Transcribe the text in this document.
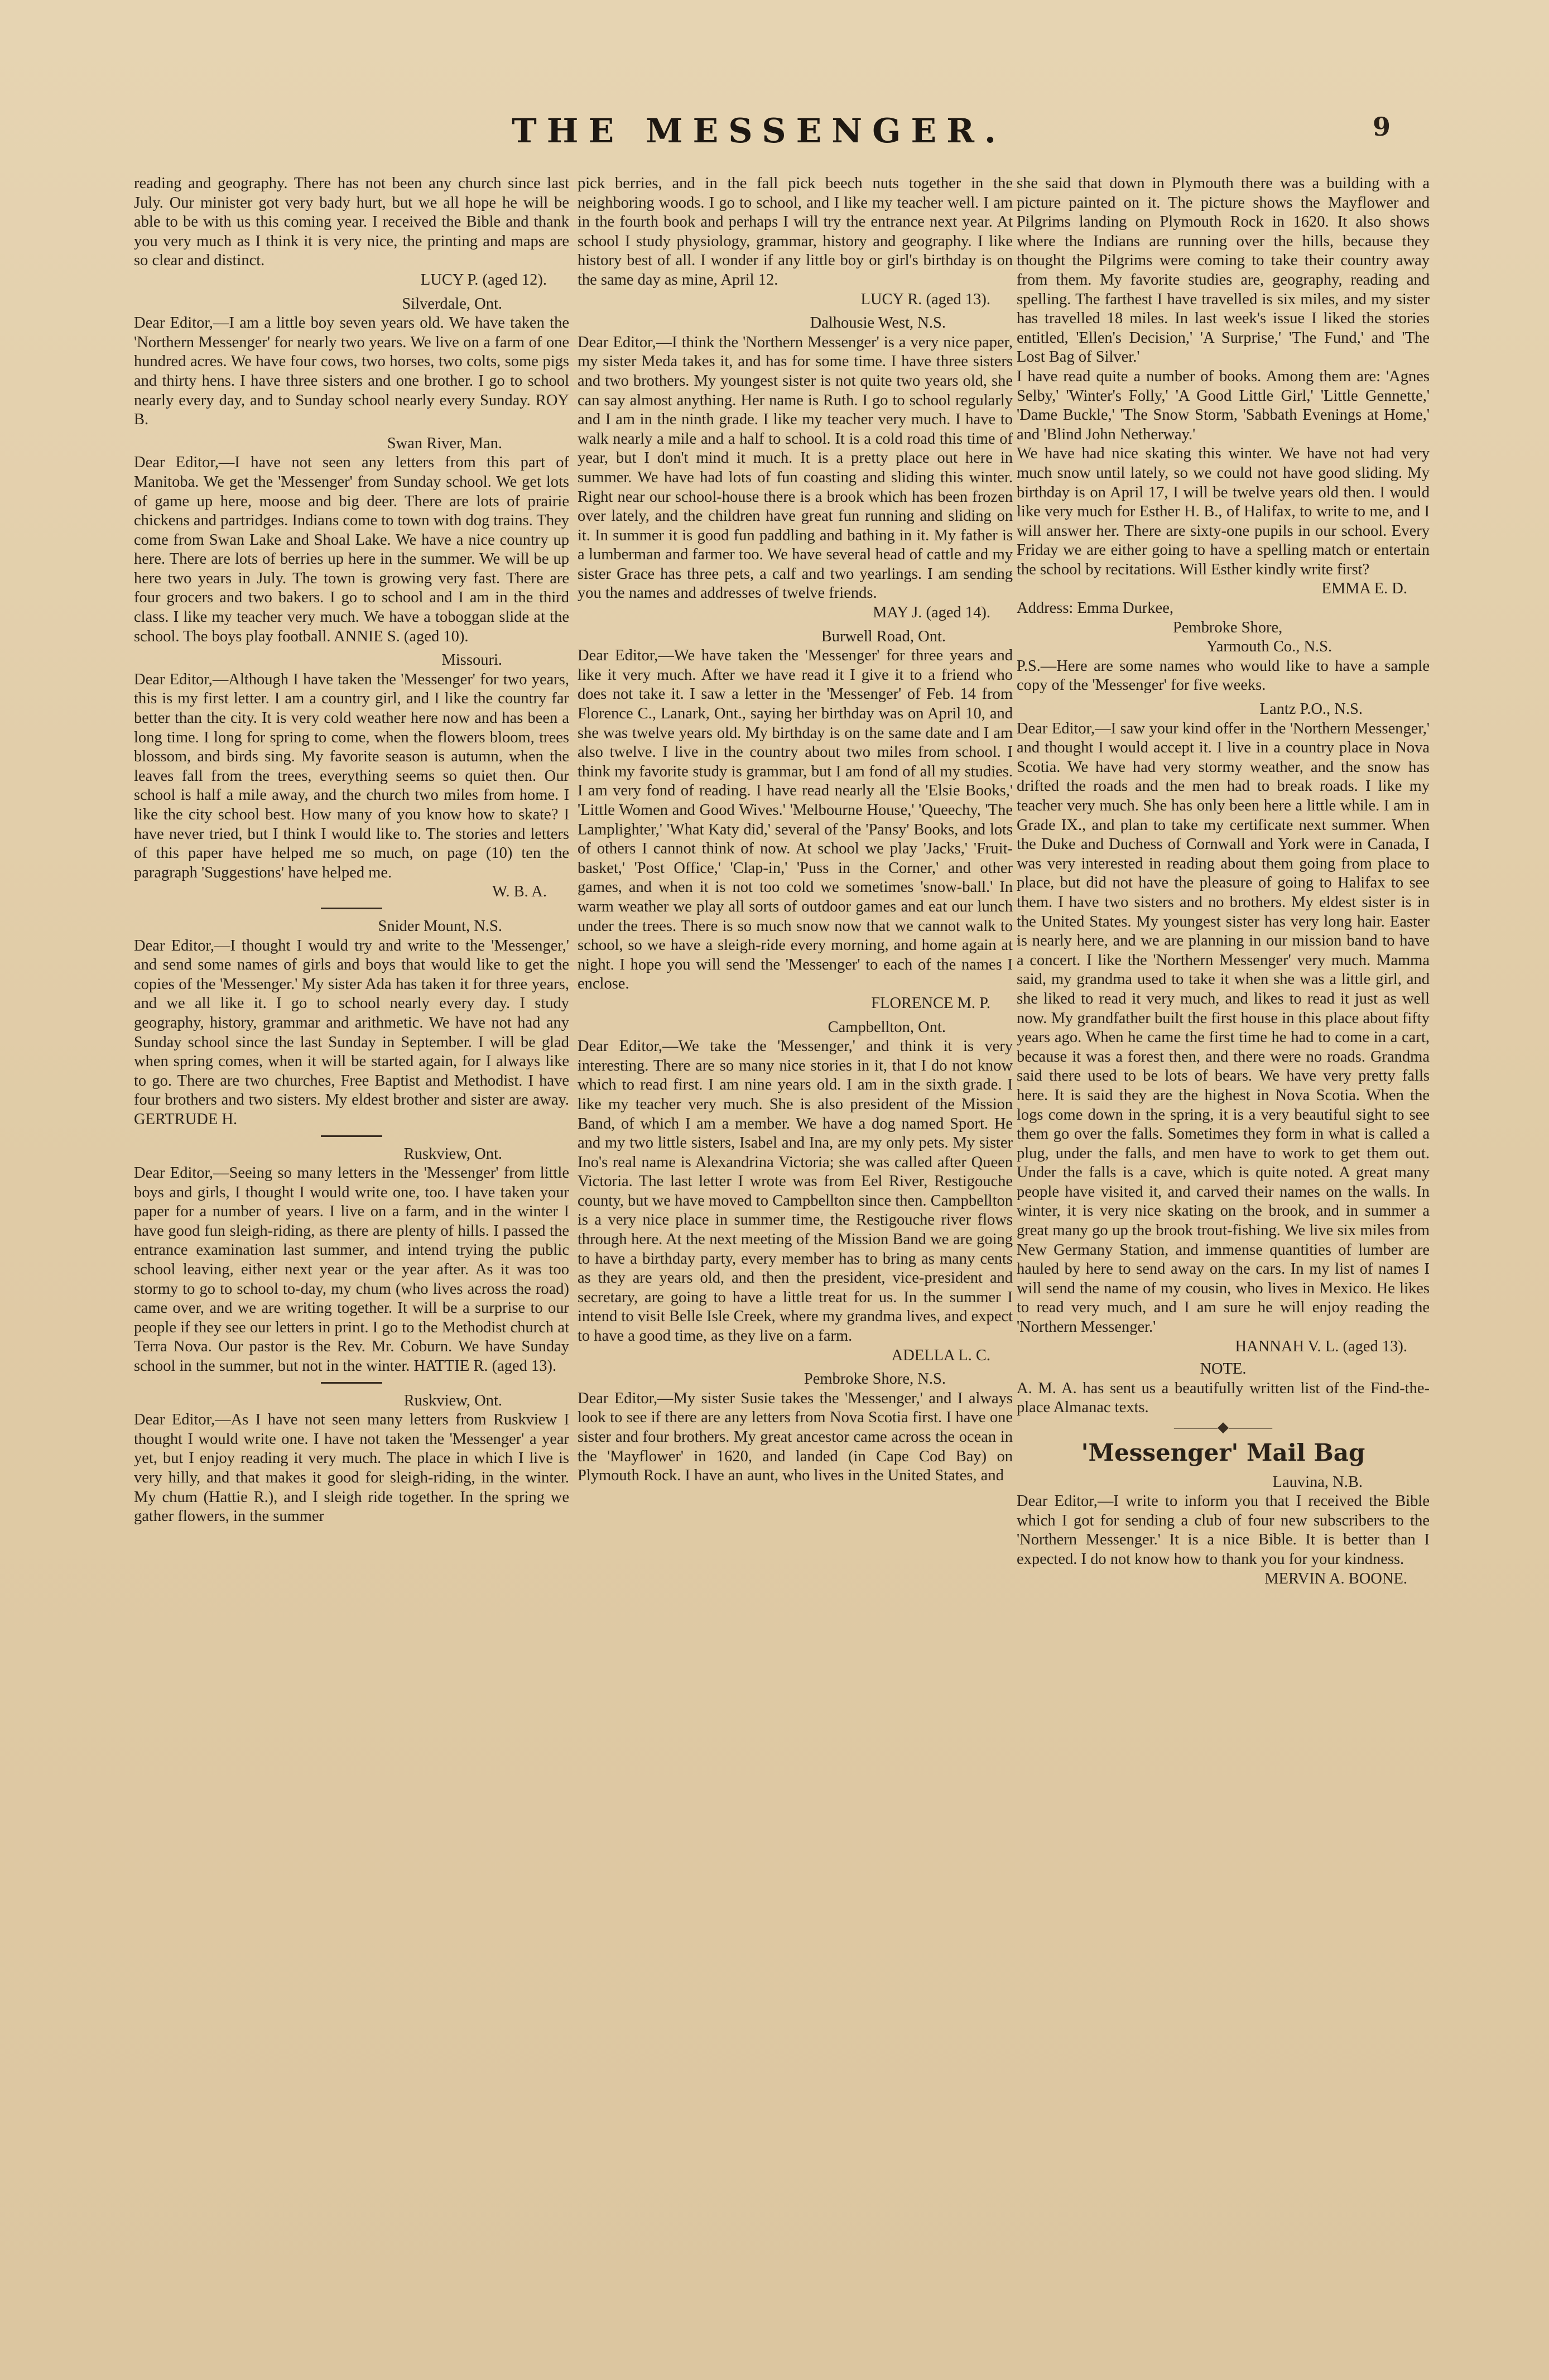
THE MESSENGER.	9

reading and geography. There has not been any church since last July. Our minister got very bady hurt, but we all hope he will be able to be with us this coming year. I received the Bible and thank you very much as I think it is very nice, the printing and maps are so clear and distinct.

LUCY P. (aged 12).

Silverdale, Ont.

Dear Editor,—I am a little boy seven years old. We have taken the 'Northern Messenger' for nearly two years. We live on a farm of one hundred acres. We have four cows, two horses, two colts, some pigs and thirty hens. I have three sisters and one brother. I go to school nearly every day, and to Sunday school nearly every Sunday. ROY B.

Swan River, Man.

Dear Editor,—I have not seen any letters from this part of Manitoba. We get the 'Messenger' from Sunday school. We get lots of game up here, moose and big deer. There are lots of prairie chickens and partridges. Indians come to town with dog trains. They come from Swan Lake and Shoal Lake. We have a nice country up here. There are lots of berries up here in the summer. We will be up here two years in July. The town is growing very fast. There are four grocers and two bakers. I go to school and I am in the third class. I like my teacher very much. We have a toboggan slide at the school. The boys play football. ANNIE S. (aged 10).

Missouri.

Dear Editor,—Although I have taken the 'Messenger' for two years, this is my first letter. I am a country girl, and I like the country far better than the city. It is very cold weather here now and has been a long time. I long for spring to come, when the flowers bloom, trees blossom, and birds sing. My favorite season is autumn, when the leaves fall from the trees, everything seems so quiet then. Our school is half a mile away, and the church two miles from home. I like the city school best. How many of you know how to skate? I have never tried, but I think I would like to. The stories and letters of this paper have helped me so much, on page (10) ten the paragraph 'Suggestions' have helped me.

W. B. A.

Snider Mount, N.S.

Dear Editor,—I thought I would try and write to the 'Messenger,' and send some names of girls and boys that would like to get the copies of the 'Messenger.' My sister Ada has taken it for three years, and we all like it. I go to school nearly every day. I study geography, history, grammar and arithmetic. We have not had any Sunday school since the last Sunday in September. I will be glad when spring comes, when it will be started again, for I always like to go. There are two churches, Free Baptist and Methodist. I have four brothers and two sisters. My eldest brother and sister are away. GERTRUDE H.

Ruskview, Ont.

Dear Editor,—Seeing so many letters in the 'Messenger' from little boys and girls, I thought I would write one, too. I have taken your paper for a number of years. I live on a farm, and in the winter I have good fun sleigh-riding, as there are plenty of hills. I passed the entrance examination last summer, and intend trying the public school leaving, either next year or the year after. As it was too stormy to go to school to-day, my chum (who lives across the road) came over, and we are writing together. It will be a surprise to our people if they see our letters in print. I go to the Methodist church at Terra Nova. Our pastor is the Rev. Mr. Coburn. We have Sunday school in the summer, but not in the winter. HATTIE R. (aged 13).

Ruskview, Ont.

Dear Editor,—As I have not seen many letters from Ruskview I thought I would write one. I have not taken the 'Messenger' a year yet, but I enjoy reading it very much. The place in which I live is very hilly, and that makes it good for sleigh-riding, in the winter. My chum (Hattie R.), and I sleigh ride together. In the spring we gather flowers, in the summer

pick berries, and in the fall pick beech nuts together in the neighboring woods. I go to school, and I like my teacher well. I am in the fourth book and perhaps I will try the entrance next year. At school I study physiology, grammar, history and geography. I like history best of all. I wonder if any little boy or girl's birthday is on the same day as mine, April 12.

LUCY R. (aged 13).

Dalhousie West, N.S.

Dear Editor,—I think the 'Northern Messenger' is a very nice paper, my sister Meda takes it, and has for some time. I have three sisters and two brothers. My youngest sister is not quite two years old, she can say almost anything. Her name is Ruth. I go to school regularly and I am in the ninth grade. I like my teacher very much. I have to walk nearly a mile and a half to school. It is a cold road this time of year, but I don't mind it much. It is a pretty place out here in summer. We have had lots of fun coasting and sliding this winter. Right near our school-house there is a brook which has been frozen over lately, and the children have great fun running and sliding on it. In summer it is good fun paddling and bathing in it. My father is a lumberman and farmer too. We have several head of cattle and my sister Grace has three pets, a calf and two yearlings. I am sending you the names and addresses of twelve friends.

MAY J. (aged 14).

Burwell Road, Ont.

Dear Editor,—We have taken the 'Messenger' for three years and like it very much. After we have read it I give it to a friend who does not take it. I saw a letter in the 'Messenger' of Feb. 14 from Florence C., Lanark, Ont., saying her birthday was on April 10, and she was twelve years old. My birthday is on the same date and I am also twelve. I live in the country about two miles from school. I think my favorite study is grammar, but I am fond of all my studies. I am very fond of reading. I have read nearly all the 'Elsie Books,' 'Little Women and Good Wives.' 'Melbourne House,' 'Queechy, 'The Lamplighter,' 'What Katy did,' several of the 'Pansy' Books, and lots of others I cannot think of now. At school we play 'Jacks,' 'Fruit-basket,' 'Post Office,' 'Clap-in,' 'Puss in the Corner,' and other games, and when it is not too cold we sometimes 'snow-ball.' In warm weather we play all sorts of outdoor games and eat our lunch under the trees. There is so much snow now that we cannot walk to school, so we have a sleigh-ride every morning, and home again at night. I hope you will send the 'Messenger' to each of the names I enclose.

FLORENCE M. P.

Campbellton, Ont.

Dear Editor,—We take the 'Messenger,' and think it is very interesting. There are so many nice stories in it, that I do not know which to read first. I am nine years old. I am in the sixth grade. I like my teacher very much. She is also president of the Mission Band, of which I am a member. We have a dog named Sport. He and my two little sisters, Isabel and Ina, are my only pets. My sister Ino's real name is Alexandrina Victoria; she was called after Queen Victoria. The last letter I wrote was from Eel River, Restigouche county, but we have moved to Campbellton since then. Campbellton is a very nice place in summer time, the Restigouche river flows through here. At the next meeting of the Mission Band we are going to have a birthday party, every member has to bring as many cents as they are years old, and then the president, vice-president and secretary, are going to have a little treat for us. In the summer I intend to visit Belle Isle Creek, where my grandma lives, and expect to have a good time, as they live on a farm.

ADELLA L. C.

Pembroke Shore, N.S.

Dear Editor,—My sister Susie takes the 'Messenger,' and I always look to see if there are any letters from Nova Scotia first. I have one sister and four brothers. My great ancestor came across the ocean in the 'Mayflower' in 1620, and landed (in Cape Cod Bay) on Plymouth Rock. I have an aunt, who lives in the United States, and

she said that down in Plymouth there was a building with a picture painted on it. The picture shows the Mayflower and Pilgrims landing on Plymouth Rock in 1620. It also shows where the Indians are running over the hills, because they thought the Pilgrims were coming to take their country away from them. My favorite studies are, geography, reading and spelling. The farthest I have travelled is six miles, and my sister has travelled 18 miles. In last week's issue I liked the stories entitled, 'Ellen's Decision,' 'A Surprise,' 'The Fund,' and 'The Lost Bag of Silver.'

I have read quite a number of books. Among them are: 'Agnes Selby,' 'Winter's Folly,' 'A Good Little Girl,' 'Little Gennette,' 'Dame Buckle,' 'The Snow Storm, 'Sabbath Evenings at Home,' and 'Blind John Netherway.'

We have had nice skating this winter. We have not had very much snow until lately, so we could not have good sliding. My birthday is on April 17, I will be twelve years old then. I would like very much for Esther H. B., of Halifax, to write to me, and I will answer her. There are sixty-one pupils in our school. Every Friday we are either going to have a spelling match or entertain the school by recitations. Will Esther kindly write first?

EMMA E. D.

Address: Emma Durkee,

Pembroke Shore,

Yarmouth Co., N.S.

P.S.—Here are some names who would like to have a sample copy of the 'Messenger' for five weeks.

Lantz P.O., N.S.

Dear Editor,—I saw your kind offer in the 'Northern Messenger,' and thought I would accept it. I live in a country place in Nova Scotia. We have had very stormy weather, and the snow has drifted the roads and the men had to break roads. I like my teacher very much. She has only been here a little while. I am in Grade IX., and plan to take my certificate next summer. When the Duke and Duchess of Cornwall and York were in Canada, I was very interested in reading about them going from place to place, but did not have the pleasure of going to Halifax to see them. I have two sisters and no brothers. My eldest sister is in the United States. My youngest sister has very long hair. Easter is nearly here, and we are planning in our mission band to have a concert. I like the 'Northern Messenger' very much. Mamma said, my grandma used to take it when she was a little girl, and she liked to read it very much, and likes to read it just as well now. My grandfather built the first house in this place about fifty years ago. When he came the first time he had to come in a cart, because it was a forest then, and there were no roads. Grandma said there used to be lots of bears. We have very pretty falls here. It is said they are the highest in Nova Scotia. When the logs come down in the spring, it is a very beautiful sight to see them go over the falls. Sometimes they form in what is called a plug, under the falls, and men have to work to get them out. Under the falls is a cave, which is quite noted. A great many people have visited it, and carved their names on the walls. In winter, it is very nice skating on the brook, and in summer a great many go up the brook trout-fishing. We live six miles from New Germany Station, and immense quantities of lumber are hauled by here to send away on the cars. In my list of names I will send the name of my cousin, who lives in Mexico. He likes to read very much, and I am sure he will enjoy reading the 'Northern Messenger.'

HANNAH V. L. (aged 13).

NOTE.

A. M. A. has sent us a beautifully written list of the Find-the-place Almanac texts.

———◆———

'Messenger' Mail Bag

Lauvina, N.B.

Dear Editor,—I write to inform you that I received the Bible which I got for sending a club of four new subscribers to the 'Northern Messenger.' It is a nice Bible. It is better than I expected. I do not know how to thank you for your kindness.

MERVIN A. BOONE.
